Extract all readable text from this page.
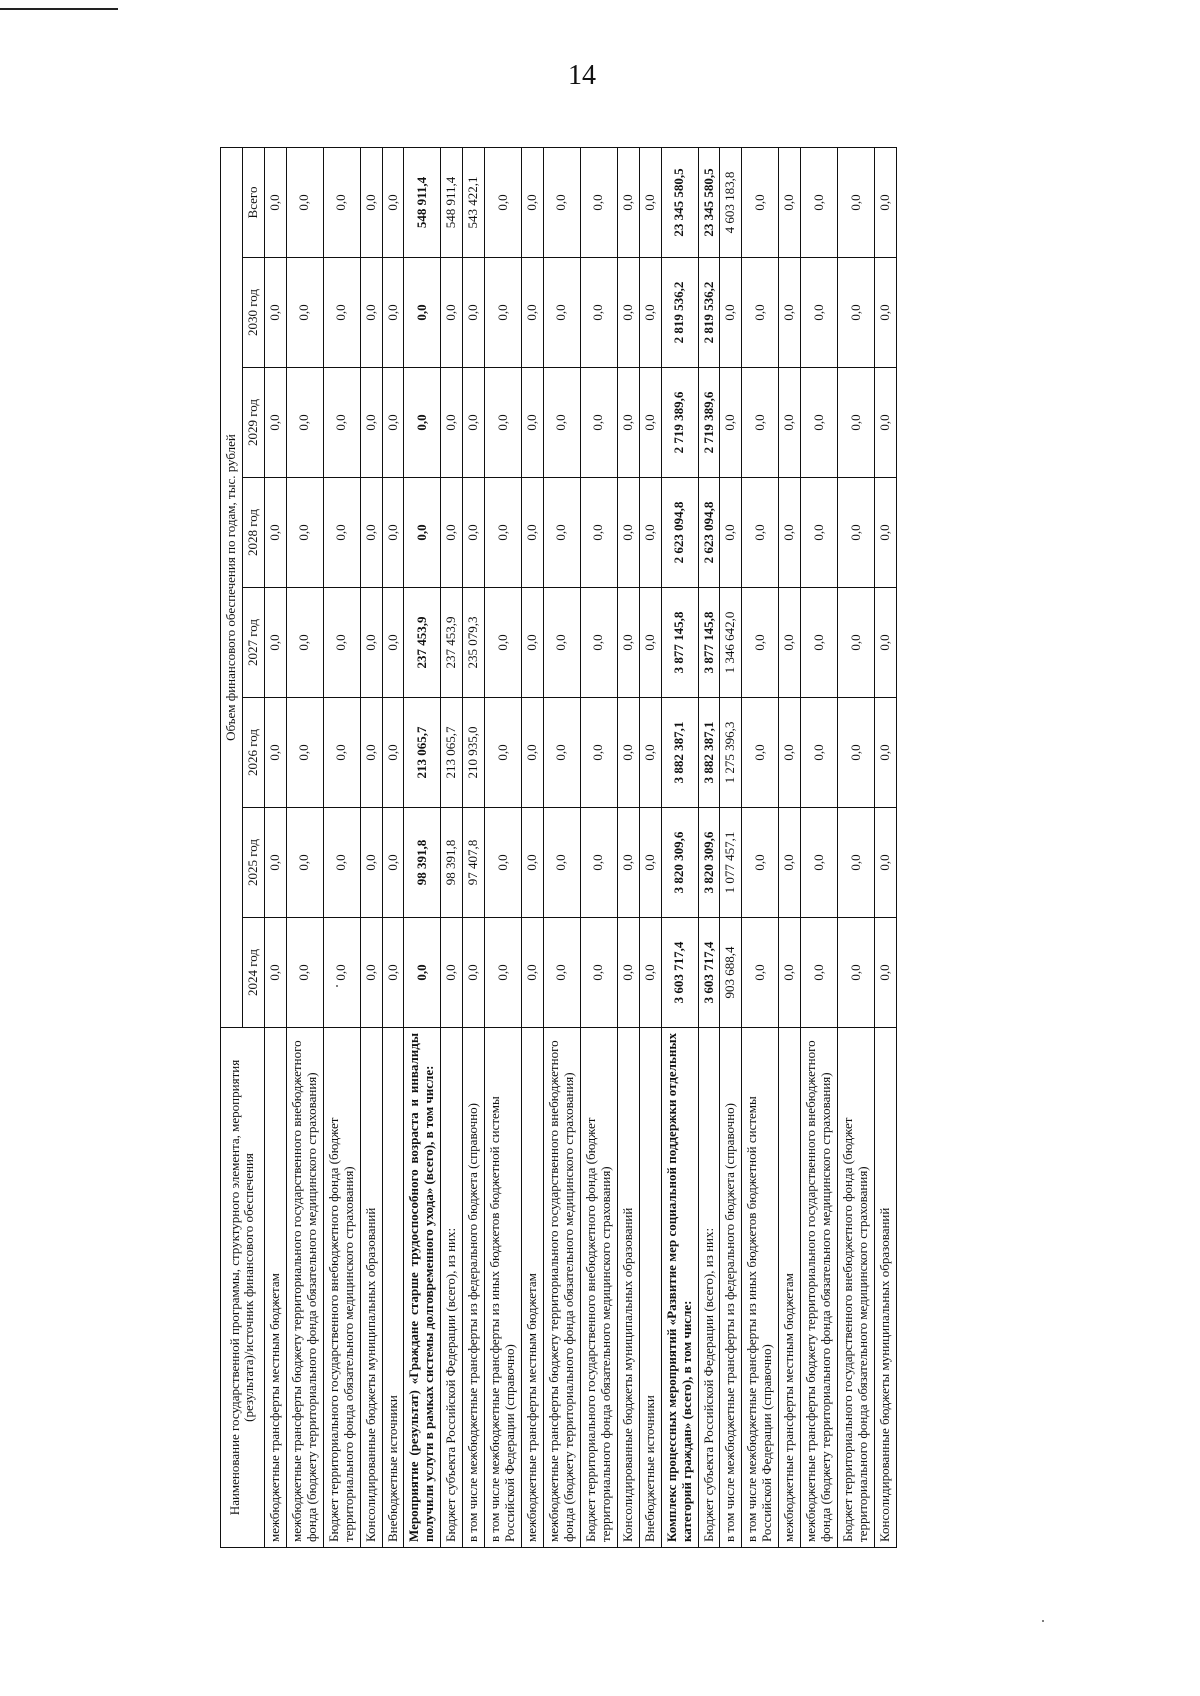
14
Наименование государственной программы, структурного элемента, мероприятия (результата)/источник финансового обеспечения	Объем финансового обеспечения по годам, тыс. рублей							
	2024 год	2025 год	2026 год	2027 год	2028 год	2029 год	2030 год	Всего
межбюджетные трансферты местным бюджетам	0,0	0,0	0,0	0,0	0,0	0,0	0,0	0,0
межбюджетные трансферты бюджету территориального государственного внебюджетного фонда (бюджету территориального фонда обязательного медицинского страхования)	0,0	0,0	0,0	0,0	0,0	0,0	0,0	0,0
Бюджет территориального государственного внебюджетного фонда (бюджет территориального фонда обязательного медицинского страхования)	0,0	0,0	0,0	0,0	0,0	0,0	0,0	0,0
Консолидированные бюджеты муниципальных образований	0,0	0,0	0,0	0,0	0,0	0,0	0,0	0,0
Внебюджетные источники	0,0	0,0	0,0	0,0	0,0	0,0	0,0	0,0
Мероприятие (результат) «Граждане старше трудоспособного возраста и инвалиды получили услуги в рамках системы долговременного ухода» (всего), в том числе:	0,0	98 391,8	213 065,7	237 453,9	0,0	0,0	0,0	548 911,4
Бюджет субъекта Российской Федерации (всего), из них:	0,0	98 391,8	213 065,7	237 453,9	0,0	0,0	0,0	548 911,4
в том числе межбюджетные трансферты из федерального бюджета (справочно)	0,0	97 407,8	210 935,0	235 079,3	0,0	0,0	0,0	543 422,1
в том числе межбюджетные трансферты из иных бюджетов бюджетной системы Российской Федерации (справочно)	0,0	0,0	0,0	0,0	0,0	0,0	0,0	0,0
межбюджетные трансферты местным бюджетам	0,0	0,0	0,0	0,0	0,0	0,0	0,0	0,0
межбюджетные трансферты бюджету территориального государственного внебюджетного фонда (бюджету территориального фонда обязательного медицинского страхования)	0,0	0,0	0,0	0,0	0,0	0,0	0,0	0,0
Бюджет территориального государственного внебюджетного фонда (бюджет территориального фонда обязательного медицинского страхования)	0,0	0,0	0,0	0,0	0,0	0,0	0,0	0,0
Консолидированные бюджеты муниципальных образований	0,0	0,0	0,0	0,0	0,0	0,0	0,0	0,0
Внебюджетные источники	0,0	0,0	0,0	0,0	0,0	0,0	0,0	0,0
Комплекс процессных мероприятий «Развитие мер социальной поддержки отдельных категорий граждан» (всего), в том числе:	3 603 717,4	3 820 309,6	3 882 387,1	3 877 145,8	2 623 094,8	2 719 389,6	2 819 536,2	23 345 580,5
Бюджет субъекта Российской Федерации (всего), из них:	3 603 717,4	3 820 309,6	3 882 387,1	3 877 145,8	2 623 094,8	2 719 389,6	2 819 536,2	23 345 580,5
в том числе межбюджетные трансферты из федерального бюджета (справочно)	903 688,4	1 077 457,1	1 275 396,3	1 346 642,0	0,0	0,0	0,0	4 603 183,8
в том числе межбюджетные трансферты из иных бюджетов бюджетной системы Российской Федерации (справочно)	0,0	0,0	0,0	0,0	0,0	0,0	0,0	0,0
межбюджетные трансферты местным бюджетам	0,0	0,0	0,0	0,0	0,0	0,0	0,0	0,0
межбюджетные трансферты бюджету территориального государственного внебюджетного фонда (бюджету территориального фонда обязательного медицинского страхования)	0,0	0,0	0,0	0,0	0,0	0,0	0,0	0,0
Бюджет территориального государственного внебюджетного фонда (бюджет территориального фонда обязательного медицинского страхования)	0,0	0,0	0,0	0,0	0,0	0,0	0,0	0,0
Консолидированные бюджеты муниципальных образований	0,0	0,0	0,0	0,0	0,0	0,0	0,0	0,0
